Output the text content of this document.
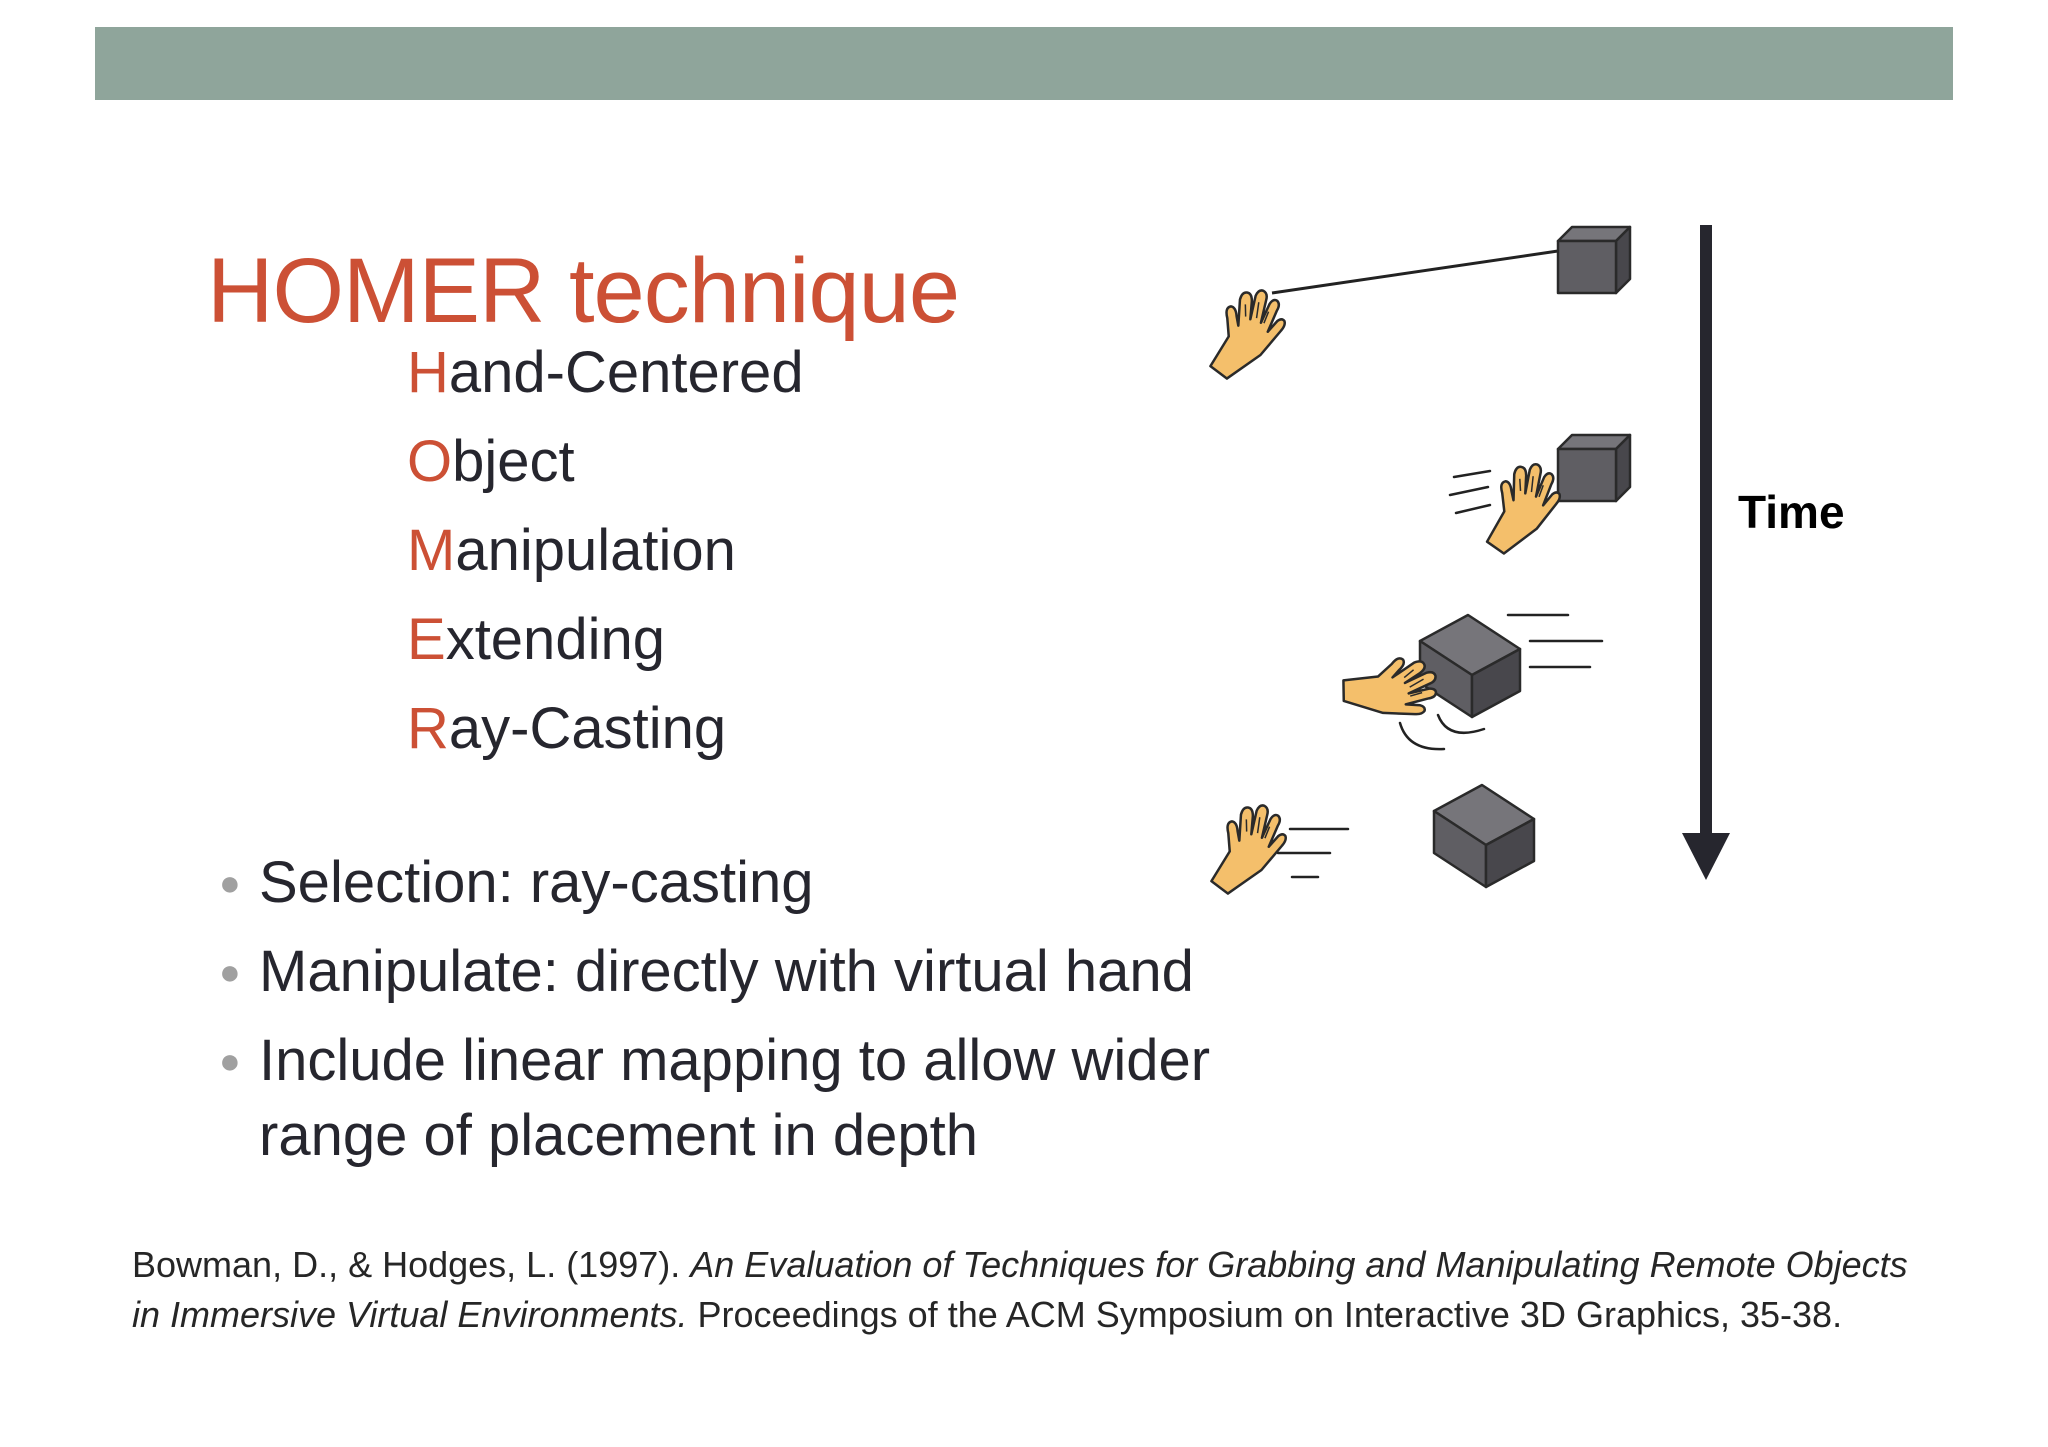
HOMER technique
Hand-Centered
Object
Manipulation
Extending
Ray-Casting
● Selection: ray-casting
● Manipulate: directly with virtual hand
● Include linear mapping to allow wider range of placement in depth
Bowman, D., & Hodges, L. (1997). An Evaluation of Techniques for Grabbing and Manipulating Remote Objects in Immersive Virtual Environments. Proceedings of the ACM Symposium on Interactive 3D Graphics, 35-38.
Time
